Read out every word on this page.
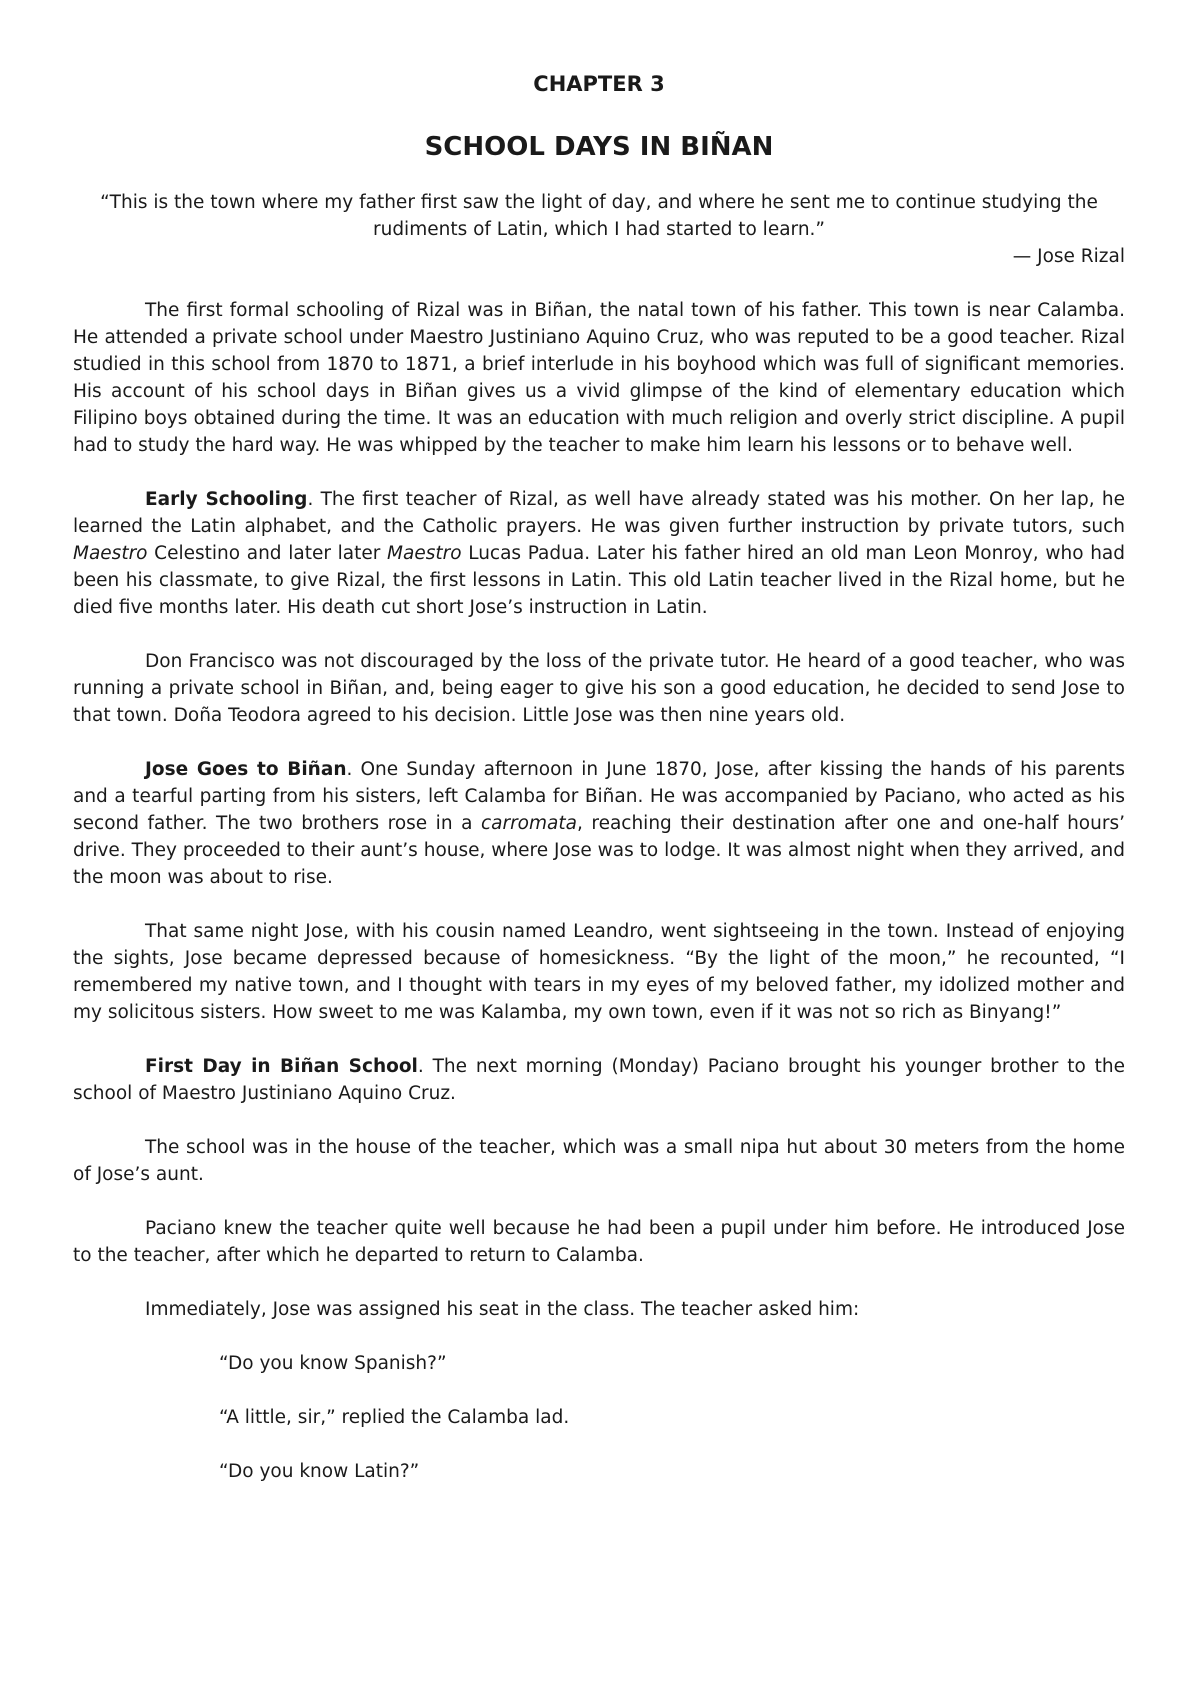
CHAPTER 3
SCHOOL DAYS IN BIÑAN

“This is the town where my father first saw the light of day, and where he sent me to continue studying the rudiments of Latin, which I had started to learn.”

— Jose Rizal

The first formal schooling of Rizal was in Biñan, the natal town of his father. This town is near Calamba. He attended a private school under Maestro Justiniano Aquino Cruz, who was reputed to be a good teacher. Rizal studied in this school from 1870 to 1871, a brief interlude in his boyhood which was full of significant memories. His account of his school days in Biñan gives us a vivid glimpse of the kind of elementary education which Filipino boys obtained during the time. It was an education with much religion and overly strict discipline. A pupil had to study the hard way. He was whipped by the teacher to make him learn his lessons or to behave well.

Early Schooling. The first teacher of Rizal, as well have already stated was his mother. On her lap, he learned the Latin alphabet, and the Catholic prayers. He was given further instruction by private tutors, such Maestro Celestino and later later Maestro Lucas Padua. Later his father hired an old man Leon Monroy, who had been his classmate, to give Rizal, the first lessons in Latin. This old Latin teacher lived in the Rizal home, but he died five months later. His death cut short Jose’s instruction in Latin.

Don Francisco was not discouraged by the loss of the private tutor. He heard of a good teacher, who was running a private school in Biñan, and, being eager to give his son a good education, he decided to send Jose to that town. Doña Teodora agreed to his decision. Little Jose was then nine years old.

Jose Goes to Biñan. One Sunday afternoon in June 1870, Jose, after kissing the hands of his parents and a tearful parting from his sisters, left Calamba for Biñan. He was accompanied by Paciano, who acted as his second father. The two brothers rose in a carromata, reaching their destination after one and one-half hours’ drive. They proceeded to their aunt’s house, where Jose was to lodge. It was almost night when they arrived, and the moon was about to rise.

That same night Jose, with his cousin named Leandro, went sightseeing in the town. Instead of enjoying the sights, Jose became depressed because of homesickness. “By the light of the moon,” he recounted, “I remembered my native town, and I thought with tears in my eyes of my beloved father, my idolized mother and my solicitous sisters. How sweet to me was Kalamba, my own town, even if it was not so rich as Binyang!”

First Day in Biñan School. The next morning (Monday) Paciano brought his younger brother to the school of Maestro Justiniano Aquino Cruz.

The school was in the house of the teacher, which was a small nipa hut about 30 meters from the home of Jose’s aunt.

Paciano knew the teacher quite well because he had been a pupil under him before. He introduced Jose to the teacher, after which he departed to return to Calamba.

Immediately, Jose was assigned his seat in the class. The teacher asked him:

“Do you know Spanish?”

“A little, sir,” replied the Calamba lad.

“Do you know Latin?”
